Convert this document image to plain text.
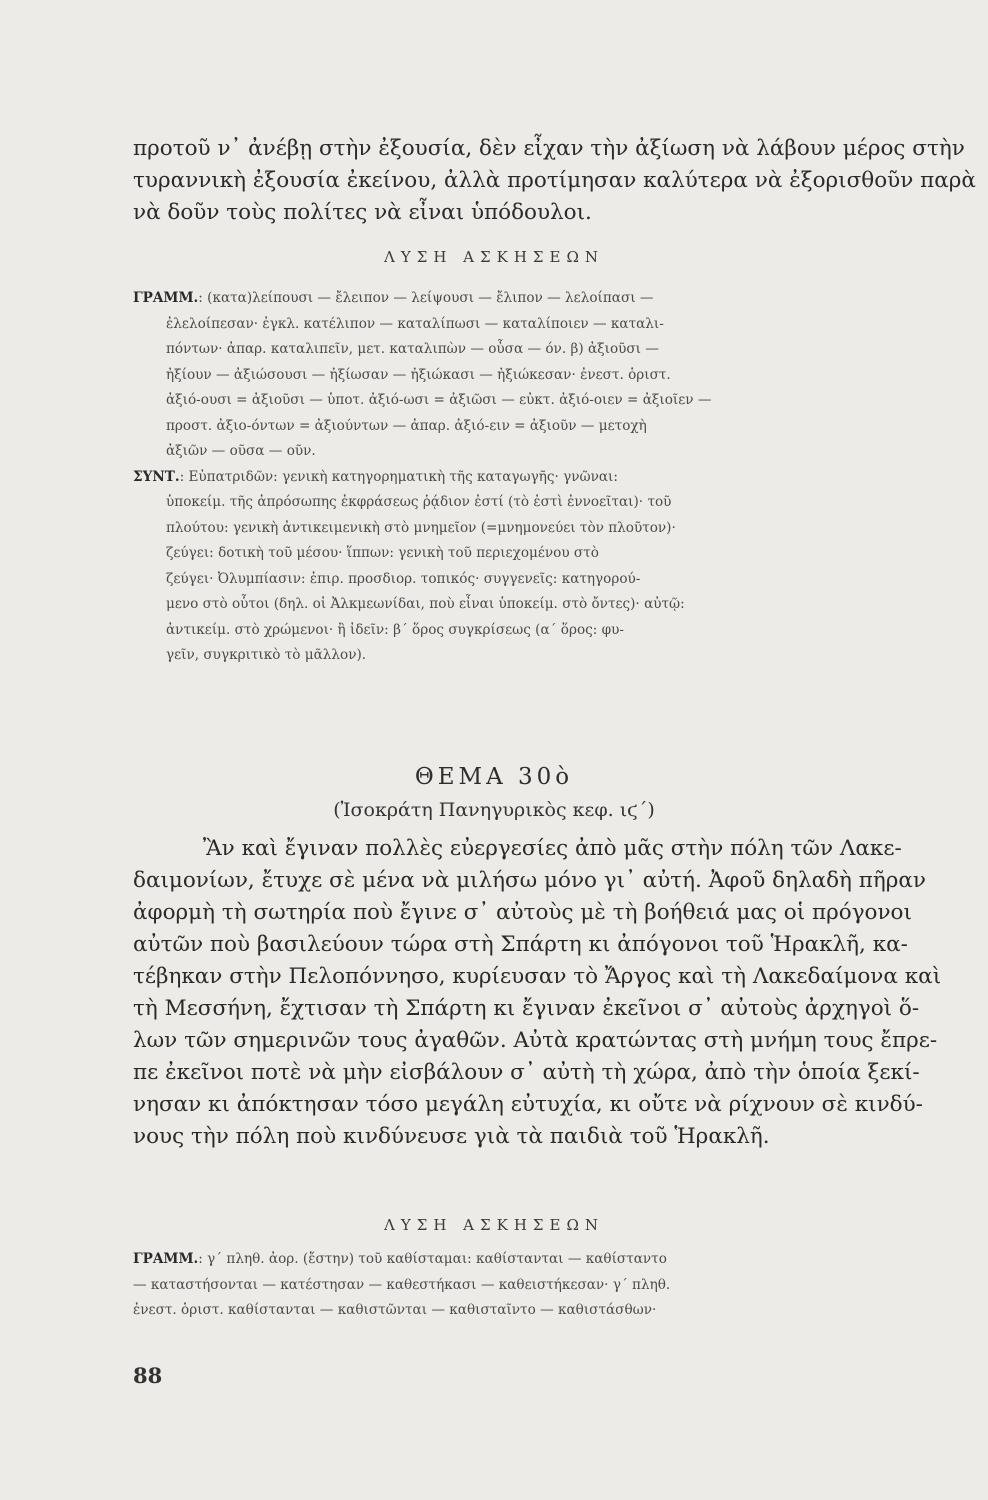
προτοῦ ν᾽ ἀνέβῃ στὴν ἐξουσία, δὲν εἶχαν τὴν ἀξίωση νὰ λάβουν μέρος στὴν
τυραννικὴ ἐξουσία ἐκείνου, ἀλλὰ προτίμησαν καλύτερα νὰ ἐξορισθοῦν παρὰ
νὰ δοῦν τοὺς πολίτες νὰ εἶναι ὑπόδουλοι.
ΛΥΣΗ ΑΣΚΗΣΕΩΝ
ΓΡΑΜΜ.: (κατα)λείπουσι — ἔλειπον — λείψουσι — ἔλιπον — λελοίπασι —
ἐλελοίπεσαν· ἐγκλ. κατέλιπον — καταλίπωσι — καταλίποιεν — καταλι-
πόντων· ἀπαρ. καταλιπεῖν, μετ. καταλιπὼν — οὖσα — όν. β) ἀξιοῦσι —
ἠξίουν — ἀξιώσουσι — ἠξίωσαν — ἠξιώκασι — ἠξιώκεσαν· ἐνεστ. ὁριστ.
ἀξιό-ουσι = ἀξιοῦσι — ὑποτ. ἀξιό-ωσι = ἀξιῶσι — εὐκτ. ἀξιό-οιεν = ἀξιοῖεν —
προστ. ἀξιο-όντων = ἀξιούντων — ἀπαρ. ἀξιό-ειν = ἀξιοῦν — μετοχὴ
ἀξιῶν — οῦσα — οῦν.
ΣΥΝΤ.: Εὐπατριδῶν: γενικὴ κατηγορηματικὴ τῆς καταγωγῆς· γνῶναι:
ὑποκείμ. τῆς ἀπρόσωπης ἐκφράσεως ῥᾴδιον ἐστί (τὸ ἐστὶ ἐννοεῖται)· τοῦ
πλούτου: γενικὴ ἀντικειμενικὴ στὸ μνημεῖον (=μνημονεύει τὸν πλοῦτον)·
ζεύγει: δοτικὴ τοῦ μέσου· ἵππων: γενικὴ τοῦ περιεχομένου στὸ
ζεύγει· Ὀλυμπίασιν: ἐπιρ. προσδιορ. τοπικός· συγγενεῖς: κατηγορού-
μενο στὸ οὗτοι (δηλ. οἱ Ἀλκμεωνίδαι, ποὺ εἶναι ὑποκείμ. στὸ ὄντες)· αὐτῷ:
ἀντικείμ. στὸ χρώμενοι· ἢ ἰδεῖν: β΄ ὅρος συγκρίσεως (α΄ ὅρος: φυ-
γεῖν, συγκριτικὸ τὸ μᾶλλον).
ΘΕΜΑ 30ὸ
(Ἰσοκράτη Πανηγυρικὸς κεφ. ιϛ΄)
Ἂν καὶ ἔγιναν πολλὲς εὐεργεσίες ἀπὸ μᾶς στὴν πόλη τῶν Λακε-
δαιμονίων, ἔτυχε σὲ μένα νὰ μιλήσω μόνο γι᾽ αὐτή. Ἀφοῦ δηλαδὴ πῆραν
ἀφορμὴ τὴ σωτηρία ποὺ ἔγινε σ᾽ αὐτοὺς μὲ τὴ βοήθειά μας οἱ πρόγονοι
αὐτῶν ποὺ βασιλεύουν τώρα στὴ Σπάρτη κι ἀπόγονοι τοῦ Ἡρακλῆ, κα-
τέβηκαν στὴν Πελοπόννησο, κυρίευσαν τὸ Ἄργος καὶ τὴ Λακεδαίμονα καὶ
τὴ Μεσσήνη, ἔχτισαν τὴ Σπάρτη κι ἔγιναν ἐκεῖνοι σ᾽ αὐτοὺς ἀρχηγοὶ ὅ-
λων τῶν σημερινῶν τους ἀγαθῶν. Αὐτὰ κρατώντας στὴ μνήμη τους ἔπρε-
πε ἐκεῖνοι ποτὲ νὰ μὴν εἰσβάλουν σ᾽ αὐτὴ τὴ χώρα, ἀπὸ τὴν ὁποία ξεκί-
νησαν κι ἀπόκτησαν τόσο μεγάλη εὐτυχία, κι οὔτε νὰ ρίχνουν σὲ κινδύ-
νους τὴν πόλη ποὺ κινδύνευσε γιὰ τὰ παιδιὰ τοῦ Ἡρακλῆ.
ΛΥΣΗ ΑΣΚΗΣΕΩΝ
ΓΡΑΜΜ.: γ΄ πληθ. ἀορ. (ἔστην) τοῦ καθίσταμαι: καθίστανται — καθίσταντο
— καταστήσονται — κατέστησαν — καθεστήκασι — καθειστήκεσαν· γ΄ πληθ.
ἐνεστ. ὁριστ. καθίστανται — καθιστῶνται — καθισταῖντο — καθιστάσθων·
88
